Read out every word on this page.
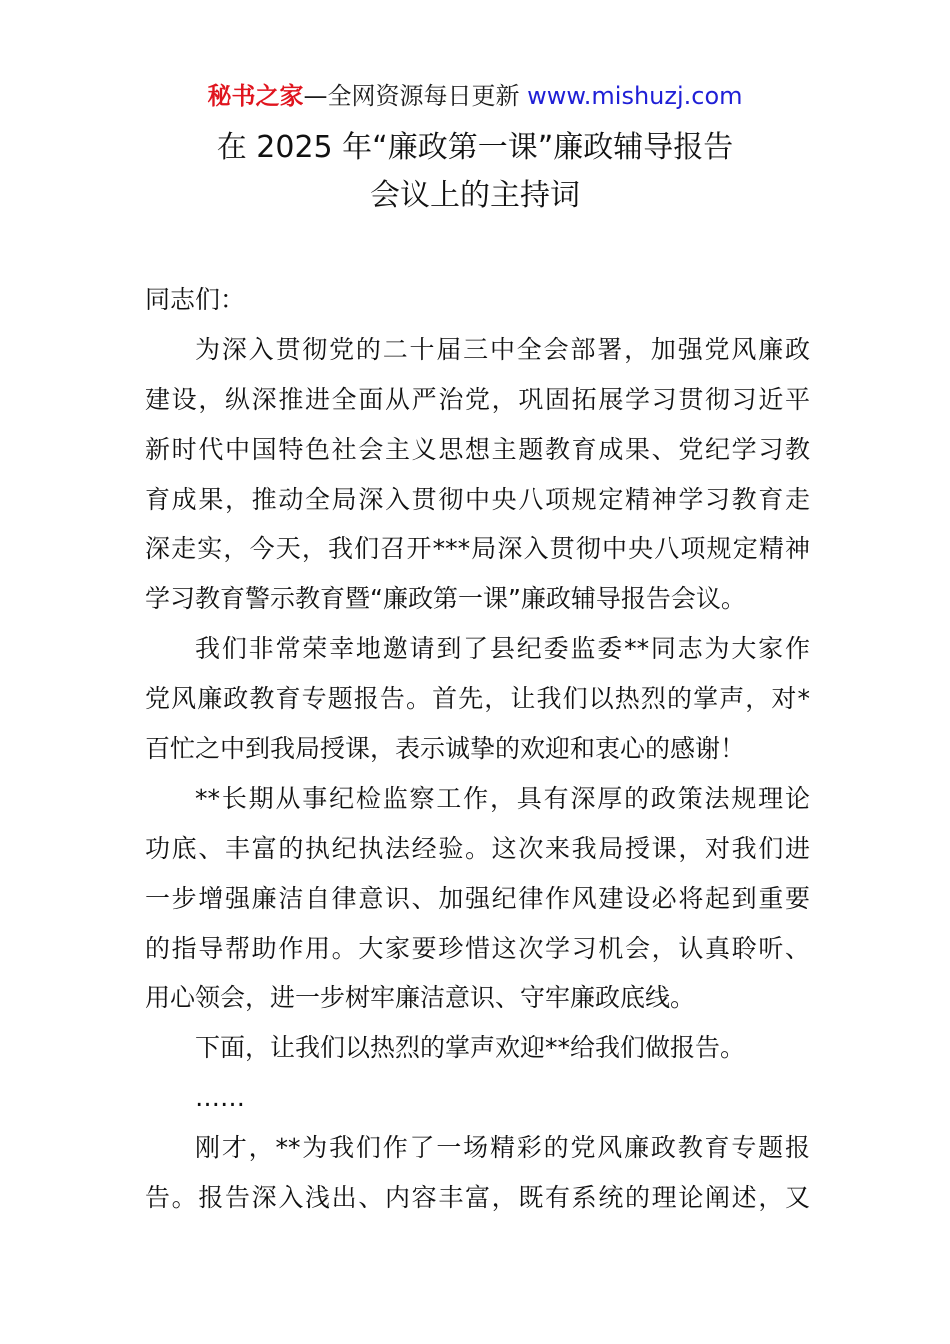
秘书之家—全网资源每日更新 www.mishuzj.com
在 2025 年“廉政第一课”廉政辅导报告
会议上的主持词
同志们：
为深入贯彻党的二十届三中全会部署，加强党风廉政
建设，纵深推进全面从严治党，巩固拓展学习贯彻习近平
新时代中国特色社会主义思想主题教育成果、党纪学习教
育成果，推动全局深入贯彻中央八项规定精神学习教育走
深走实，今天，我们召开***局深入贯彻中央八项规定精神
学习教育警示教育暨“廉政第一课”廉政辅导报告会议。
我们非常荣幸地邀请到了县纪委监委**同志为大家作
党风廉政教育专题报告。首先，让我们以热烈的掌声，对*
百忙之中到我局授课，表示诚挚的欢迎和衷心的感谢！
**长期从事纪检监察工作，具有深厚的政策法规理论
功底、丰富的执纪执法经验。这次来我局授课，对我们进
一步增强廉洁自律意识、加强纪律作风建设必将起到重要
的指导帮助作用。大家要珍惜这次学习机会，认真聆听、
用心领会，进一步树牢廉洁意识、守牢廉政底线。
下面，让我们以热烈的掌声欢迎**给我们做报告。
……
刚才，**为我们作了一场精彩的党风廉政教育专题报
告。报告深入浅出、内容丰富，既有系统的理论阐述，又
